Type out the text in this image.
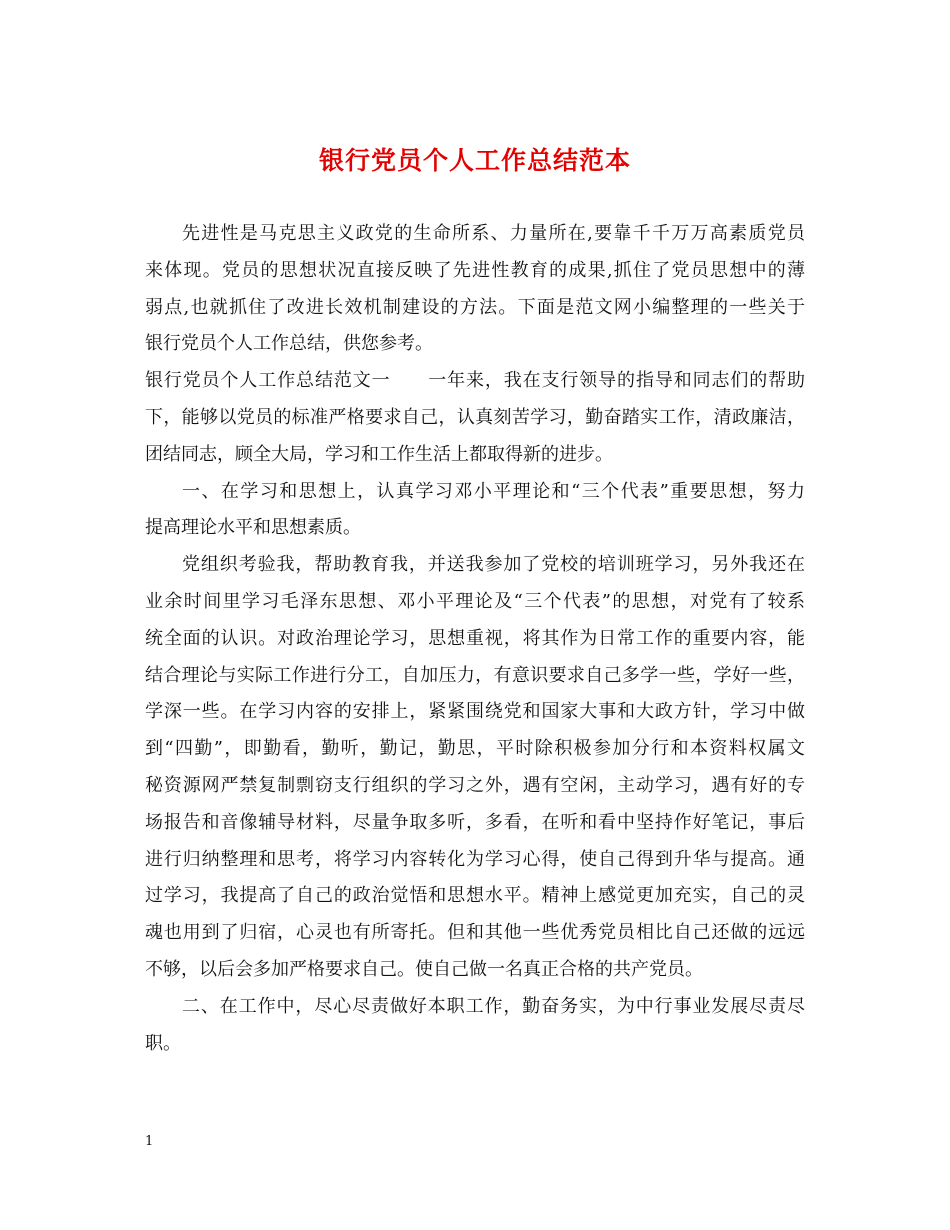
银行党员个人工作总结范本
先进性是马克思主义政党的生命所系、力量所在,要靠千千万万高素质党员
来体现。党员的思想状况直接反映了先进性教育的成果,抓住了党员思想中的薄
弱点,也就抓住了改进长效机制建设的方法。下面是范文网小编整理的一些关于
银行党员个人工作总结，供您参考。
银行党员个人工作总结范文一　　一年来，我在支行领导的指导和同志们的帮助
下，能够以党员的标准严格要求自己，认真刻苦学习，勤奋踏实工作，清政廉洁，
团结同志，顾全大局，学习和工作生活上都取得新的进步。
一、在学习和思想上，认真学习邓小平理论和“三个代表”重要思想，努力
提高理论水平和思想素质。
党组织考验我，帮助教育我，并送我参加了党校的培训班学习，另外我还在
业余时间里学习毛泽东思想、邓小平理论及“三个代表”的思想，对党有了较系
统全面的认识。对政治理论学习，思想重视，将其作为日常工作的重要内容，能
结合理论与实际工作进行分工，自加压力，有意识要求自己多学一些，学好一些，
学深一些。在学习内容的安排上，紧紧围绕党和国家大事和大政方针，学习中做
到“四勤”，即勤看，勤听，勤记，勤思，平时除积极参加分行和本资料权属文
秘资源网严禁复制剽窃支行组织的学习之外，遇有空闲，主动学习，遇有好的专
场报告和音像辅导材料，尽量争取多听，多看，在听和看中坚持作好笔记，事后
进行归纳整理和思考，将学习内容转化为学习心得，使自己得到升华与提高。通
过学习，我提高了自己的政治觉悟和思想水平。精神上感觉更加充实，自己的灵
魂也用到了归宿，心灵也有所寄托。但和其他一些优秀党员相比自己还做的远远
不够，以后会多加严格要求自己。使自己做一名真正合格的共产党员。
二、在工作中，尽心尽责做好本职工作，勤奋务实，为中行事业发展尽责尽
职。
1
